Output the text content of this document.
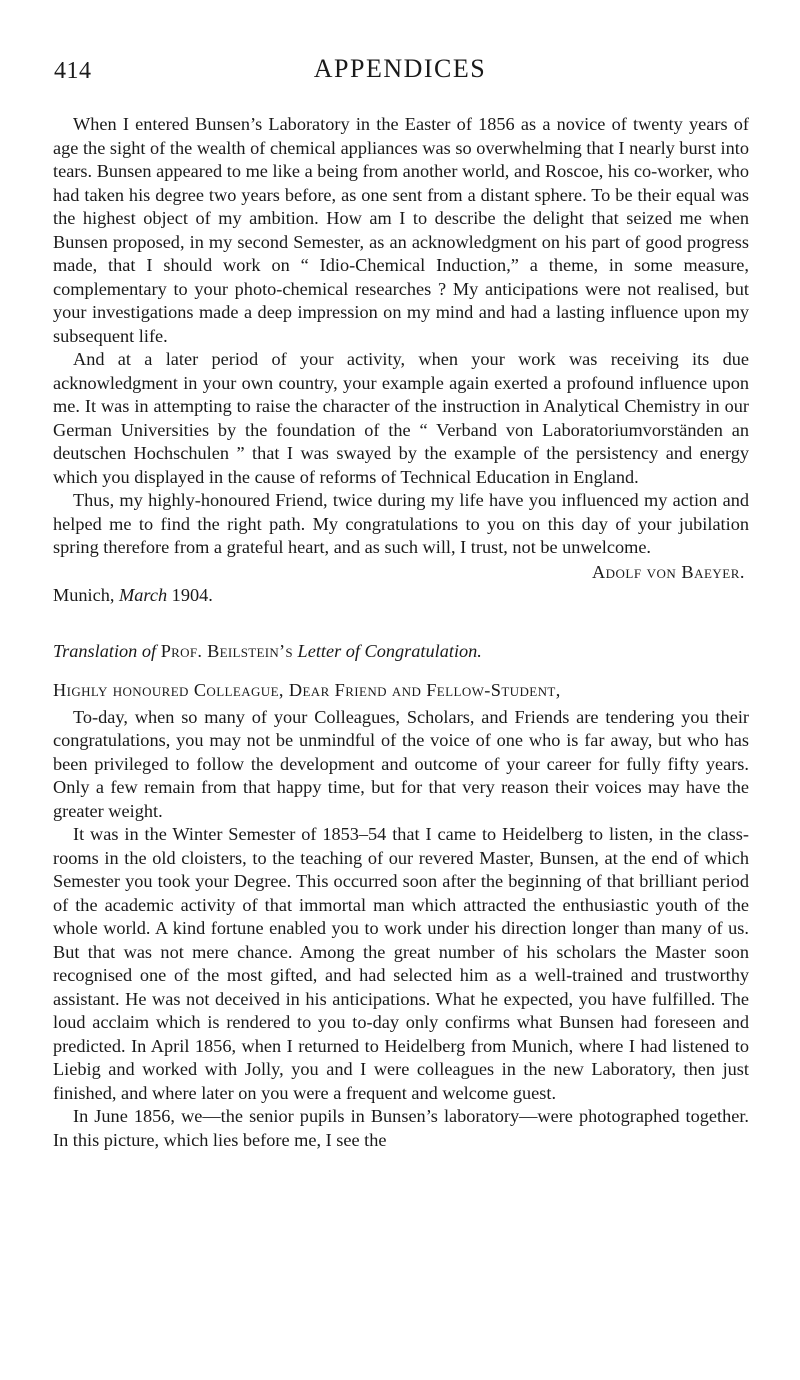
414	APPENDICES

When I entered Bunsen’s Laboratory in the Easter of 1856 as a novice of twenty years of age the sight of the wealth of chemical appliances was so overwhelming that I nearly burst into tears. Bunsen appeared to me like a being from another world, and Roscoe, his co-worker, who had taken his degree two years before, as one sent from a distant sphere. To be their equal was the highest object of my ambition. How am I to describe the delight that seized me when Bunsen proposed, in my second Semester, as an acknowledgment on his part of good progress made, that I should work on “ Idio-Chemical Induction,” a theme, in some measure, complementary to your photo-chemical researches ? My anticipations were not realised, but your investigations made a deep impression on my mind and had a lasting influence upon my subsequent life.

And at a later period of your activity, when your work was receiving its due acknowledgment in your own country, your example again exerted a profound influence upon me. It was in attempting to raise the character of the instruction in Analytical Chemistry in our German Universities by the foundation of the “ Verband von Laboratoriumvorständen an deutschen Hochschulen ” that I was swayed by the example of the persistency and energy which you displayed in the cause of reforms of Technical Education in England.

Thus, my highly-honoured Friend, twice during my life have you influenced my action and helped me to find the right path. My congratulations to you on this day of your jubilation spring therefore from a grateful heart, and as such will, I trust, not be unwelcome.

Adolf von Baeyer.
Munich, March 1904.
Translation of Prof. Beilstein’s Letter of Congratulation.
Highly honoured Colleague, Dear Friend and Fellow-Student,

To-day, when so many of your Colleagues, Scholars, and Friends are tendering you their congratulations, you may not be unmindful of the voice of one who is far away, but who has been privileged to follow the development and outcome of your career for fully fifty years. Only a few remain from that happy time, but for that very reason their voices may have the greater weight.

It was in the Winter Semester of 1853–54 that I came to Heidelberg to listen, in the class-rooms in the old cloisters, to the teaching of our revered Master, Bunsen, at the end of which Semester you took your Degree. This occurred soon after the beginning of that brilliant period of the academic activity of that immortal man which attracted the enthusiastic youth of the whole world. A kind fortune enabled you to work under his direction longer than many of us. But that was not mere chance. Among the great number of his scholars the Master soon recognised one of the most gifted, and had selected him as a well-trained and trustworthy assistant. He was not deceived in his anticipations. What he expected, you have fulfilled. The loud acclaim which is rendered to you to-day only confirms what Bunsen had foreseen and predicted. In April 1856, when I returned to Heidelberg from Munich, where I had listened to Liebig and worked with Jolly, you and I were colleagues in the new Laboratory, then just finished, and where later on you were a frequent and welcome guest.

In June 1856, we—the senior pupils in Bunsen’s laboratory—were photographed together. In this picture, which lies before me, I see the
